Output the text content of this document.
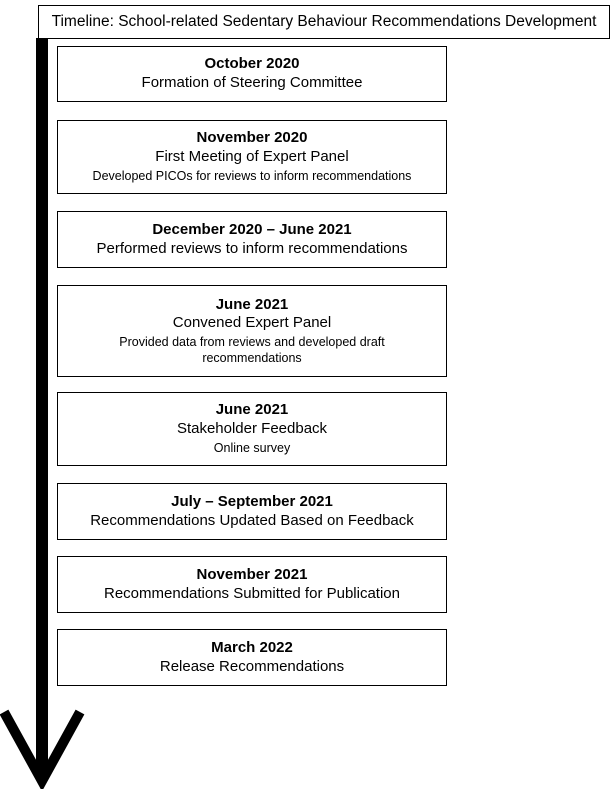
Timeline: School-related Sedentary Behaviour Recommendations Development
October 2020
Formation of Steering Committee
November 2020
First Meeting of Expert Panel
Developed PICOs for reviews to inform recommendations
December 2020 – June 2021
Performed reviews to inform recommendations
June 2021
Convened Expert Panel
Provided data from reviews and developed draft recommendations
June 2021
Stakeholder Feedback
Online survey
July – September 2021
Recommendations Updated Based on Feedback
November 2021
Recommendations Submitted for Publication
March 2022
Release Recommendations
